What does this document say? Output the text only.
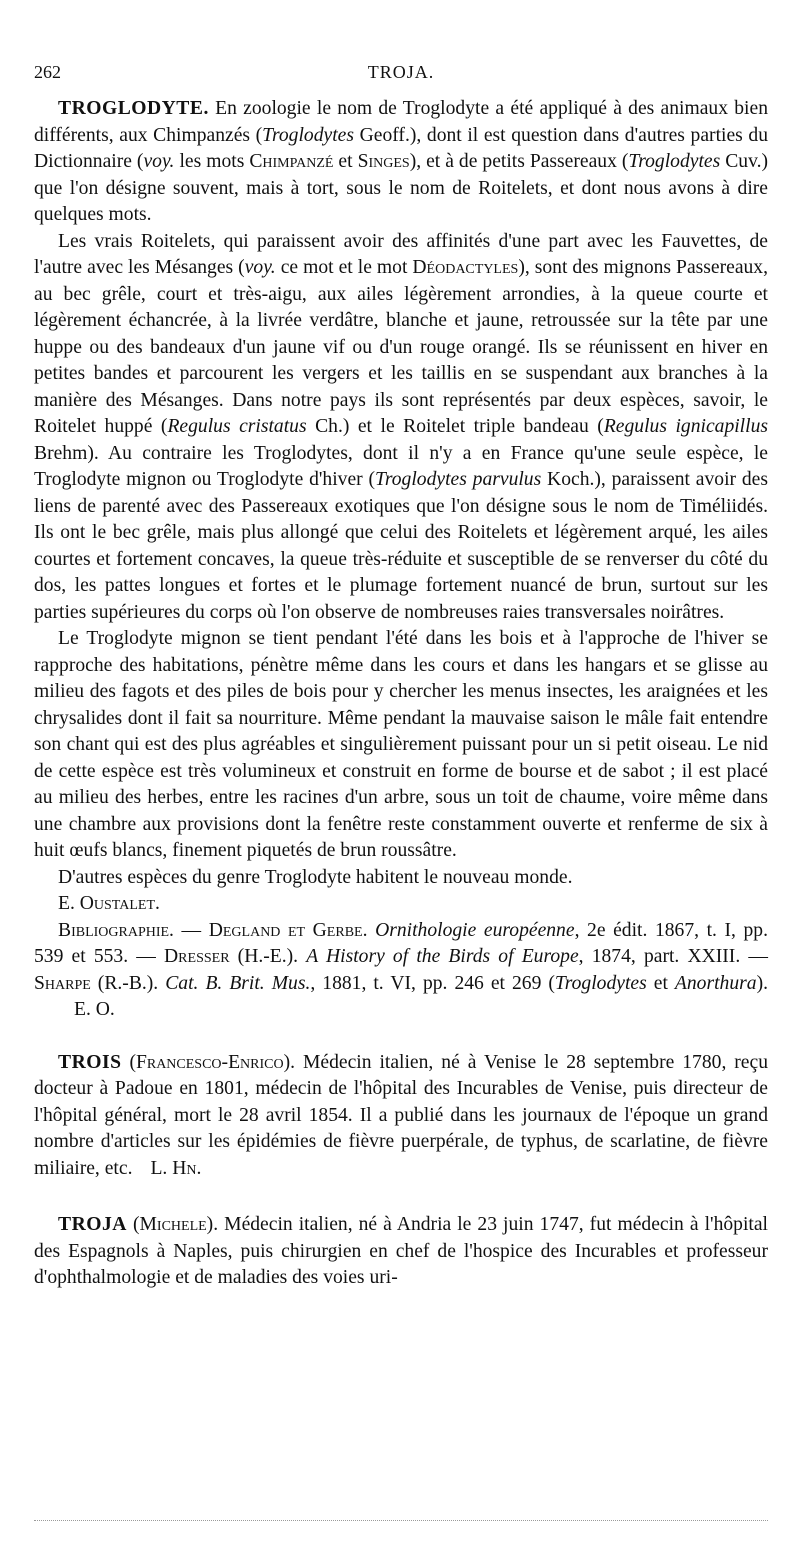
262	TROJA.

TROGLODYTE. En zoologie le nom de Troglodyte a été appliqué à des animaux bien différents, aux Chimpanzés (Troglodytes Geoff.), dont il est question dans d'autres parties du Dictionnaire (voy. les mots Chimpanzé et Singes), et à de petits Passereaux (Troglodytes Cuv.) que l'on désigne souvent, mais à tort, sous le nom de Roitelets, et dont nous avons à dire quelques mots.

Les vrais Roitelets, qui paraissent avoir des affinités d'une part avec les Fauvettes, de l'autre avec les Mésanges (voy. ce mot et le mot Déodactyles), sont des mignons Passereaux, au bec grêle, court et très-aigu, aux ailes légèrement arrondies, à la queue courte et légèrement échancrée, à la livrée verdâtre, blanche et jaune, retroussée sur la tête par une huppe ou des bandeaux d'un jaune vif ou d'un rouge orangé. Ils se réunissent en hiver en petites bandes et parcourent les vergers et les taillis en se suspendant aux branches à la manière des Mésanges. Dans notre pays ils sont représentés par deux espèces, savoir, le Roitelet huppé (Regulus cristatus Ch.) et le Roitelet triple bandeau (Regulus ignicapillus Brehm). Au contraire les Troglodytes, dont il n'y a en France qu'une seule espèce, le Troglodyte mignon ou Troglodyte d'hiver (Troglodytes parvulus Koch.), paraissent avoir des liens de parenté avec des Passereaux exotiques que l'on désigne sous le nom de Timéliidés. Ils ont le bec grêle, mais plus allongé que celui des Roitelets et légèrement arqué, les ailes courtes et fortement concaves, la queue très-réduite et susceptible de se renverser du côté du dos, les pattes longues et fortes et le plumage fortement nuancé de brun, surtout sur les parties supérieures du corps où l'on observe de nombreuses raies transversales noirâtres.

Le Troglodyte mignon se tient pendant l'été dans les bois et à l'approche de l'hiver se rapproche des habitations, pénètre même dans les cours et dans les hangars et se glisse au milieu des fagots et des piles de bois pour y chercher les menus insectes, les araignées et les chrysalides dont il fait sa nourriture. Même pendant la mauvaise saison le mâle fait entendre son chant qui est des plus agréables et singulièrement puissant pour un si petit oiseau. Le nid de cette espèce est très volumineux et construit en forme de bourse et de sabot ; il est placé au milieu des herbes, entre les racines d'un arbre, sous un toit de chaume, voire même dans une chambre aux provisions dont la fenêtre reste constamment ouverte et renferme de six à huit œufs blancs, finement piquetés de brun roussâtre.

D'autres espèces du genre Troglodyte habitent le nouveau monde.

E. Oustalet.

Bibliographie. — Degland et Gerbe. Ornithologie européenne, 2e édit. 1867, t. I, pp. 539 et 553. — Dresser (H.-E.). A History of the Birds of Europe, 1874, part. XXIII. — Sharpe (R.-B.). Cat. B. Brit. Mus., 1881, t. VI, pp. 246 et 269 (Troglodytes et Anorthura).E. O.

TROIS (Francesco-Enrico). Médecin italien, né à Venise le 28 septembre 1780, reçu docteur à Padoue en 1801, médecin de l'hôpital des Incurables de Venise, puis directeur de l'hôpital général, mort le 28 avril 1854. Il a publié dans les journaux de l'époque un grand nombre d'articles sur les épidémies de fièvre puerpérale, de typhus, de scarlatine, de fièvre miliaire, etc. L. Hn.

TROJA (Michele). Médecin italien, né à Andria le 23 juin 1747, fut médecin à l'hôpital des Espagnols à Naples, puis chirurgien en chef de l'hospice des Incurables et professeur d'ophthalmologie et de maladies des voies uri-
